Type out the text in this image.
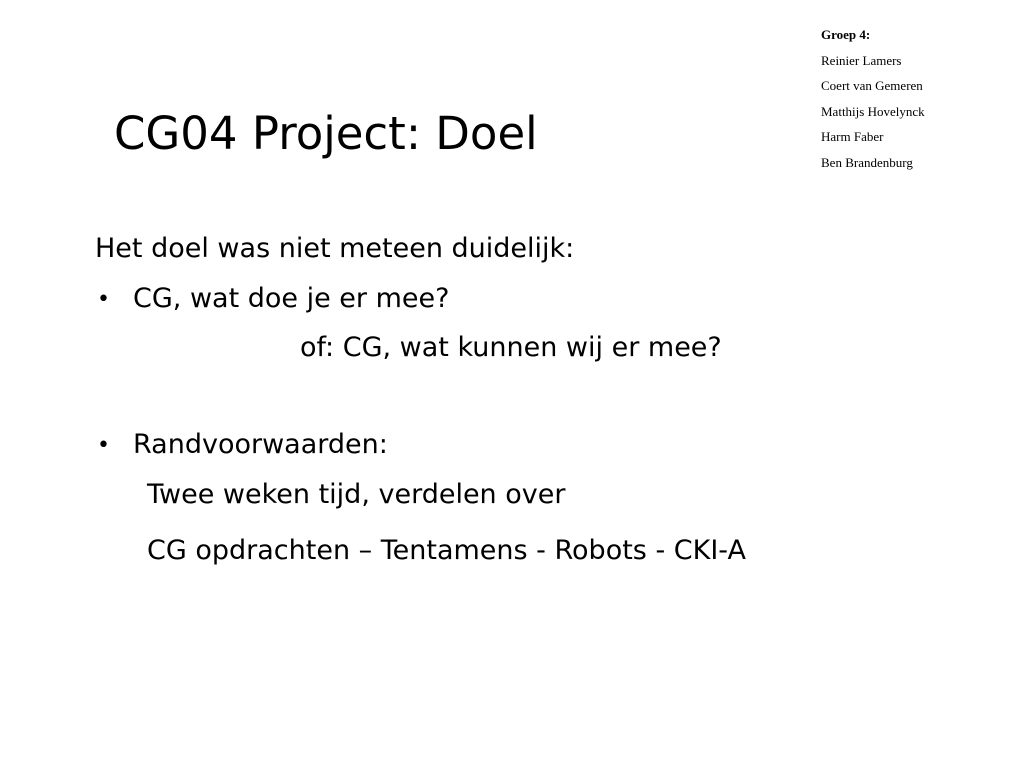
Groep 4:
Reinier Lamers
Coert van Gemeren
Matthijs Hovelynck
Harm Faber
Ben Brandenburg
CG04 Project: Doel
Het doel was niet meteen duidelijk:
• CG, wat doe je er mee?
of: CG, wat kunnen wij er mee?
• Randvoorwaarden:
Twee weken tijd, verdelen over
CG opdrachten – Tentamens - Robots - CKI-A
